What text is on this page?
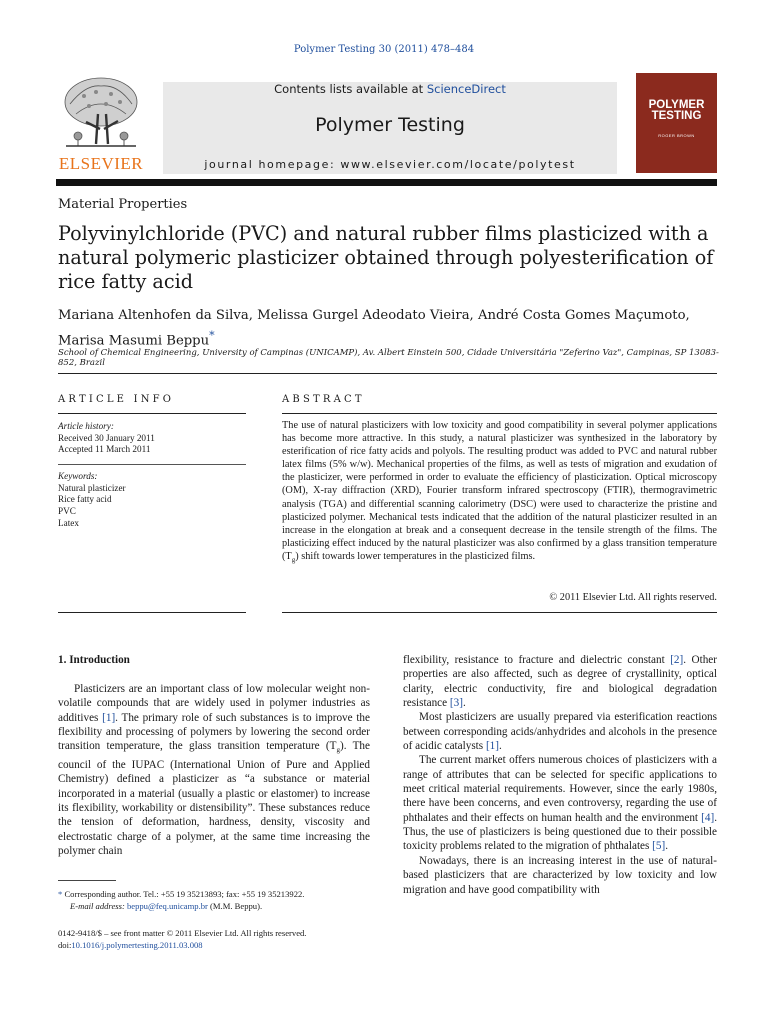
Polymer Testing 30 (2011) 478–484
ELSEVIER
Contents lists available at ScienceDirect
Polymer Testing
journal homepage: www.elsevier.com/locate/polytest
POLYMER
TESTING
ROGER BROWN
Material Properties
Polyvinylchloride (PVC) and natural rubber films plasticized with a natural polymeric plasticizer obtained through polyesterification of rice fatty acid
Mariana Altenhofen da Silva, Melissa Gurgel Adeodato Vieira, André Costa Gomes Maçumoto, Marisa Masumi Beppu*
School of Chemical Engineering, University of Campinas (UNICAMP), Av. Albert Einstein 500, Cidade Universitária "Zeferino Vaz", Campinas, SP 13083-852, Brazil
ARTICLE INFO	ABSTRACT
Article history:
Received 30 January 2011
Accepted 11 March 2011
Keywords:
Natural plasticizer
Rice fatty acid
PVC
Latex
The use of natural plasticizers with low toxicity and good compatibility in several polymer applications has become more attractive. In this study, a natural plasticizer was synthesized in the laboratory by esterification of rice fatty acids and polyols. The resulting product was added to PVC and natural rubber latex films (5% w/w). Mechanical properties of the films, as well as tests of migration and exudation of the plasticizer, were performed in order to evaluate the efficiency of plasticization. Optical microscopy (OM), X-ray diffraction (XRD), Fourier transform infrared spectroscopy (FTIR), thermogravimetric analysis (TGA) and differential scanning calorimetry (DSC) were used to characterize the pristine and plasticized polymer. Mechanical tests indicated that the addition of the natural plasticizer resulted in an increase in the elongation at break and a consequent decrease in the tensile strength of the films. The plasticizing effect induced by the natural plasticizer was also confirmed by a glass transition temperature $(T_g)$ shift towards lower temperatures in the plasticized films.
© 2011 Elsevier Ltd. All rights reserved.
1. Introduction

Plasticizers are an important class of low molecular weight non-volatile compounds that are widely used in polymer industries as additives [1]. The primary role of such substances is to improve the flexibility and processing of polymers by lowering the second order transition temperature, the glass transition temperature $(T_g)$. The council of the IUPAC (International Union of Pure and Applied Chemistry) defined a plasticizer as “a substance or material incorporated in a material (usually a plastic or elastomer) to increase its flexibility, workability or distensibility”. These substances reduce the tension of deformation, hardness, density, viscosity and electrostatic charge of a polymer, at the same time increasing the polymer chain

flexibility, resistance to fracture and dielectric constant [2]. Other properties are also affected, such as degree of crystallinity, optical clarity, electric conductivity, fire and biological degradation resistance [3].

Most plasticizers are usually prepared via esterification reactions between corresponding acids/anhydrides and alcohols in the presence of acidic catalysts [1].

The current market offers numerous choices of plasticizers with a range of attributes that can be selected for specific applications to meet critical material requirements. However, since the early 1980s, there have been concerns, and even controversy, regarding the use of phthalates and their effects on human health and the environment [4]. Thus, the use of plasticizers is being questioned due to their possible toxicity problems related to the migration of phthalates [5].

Nowadays, there is an increasing interest in the use of natural-based plasticizers that are characterized by low toxicity and low migration and have good compatibility with

* Corresponding author. Tel.: +55 19 35213893; fax: +55 19 35213922.
E-mail address: beppu@feq.unicamp.br (M.M. Beppu).
0142-9418/$ – see front matter © 2011 Elsevier Ltd. All rights reserved.
doi:10.1016/j.polymertesting.2011.03.008
